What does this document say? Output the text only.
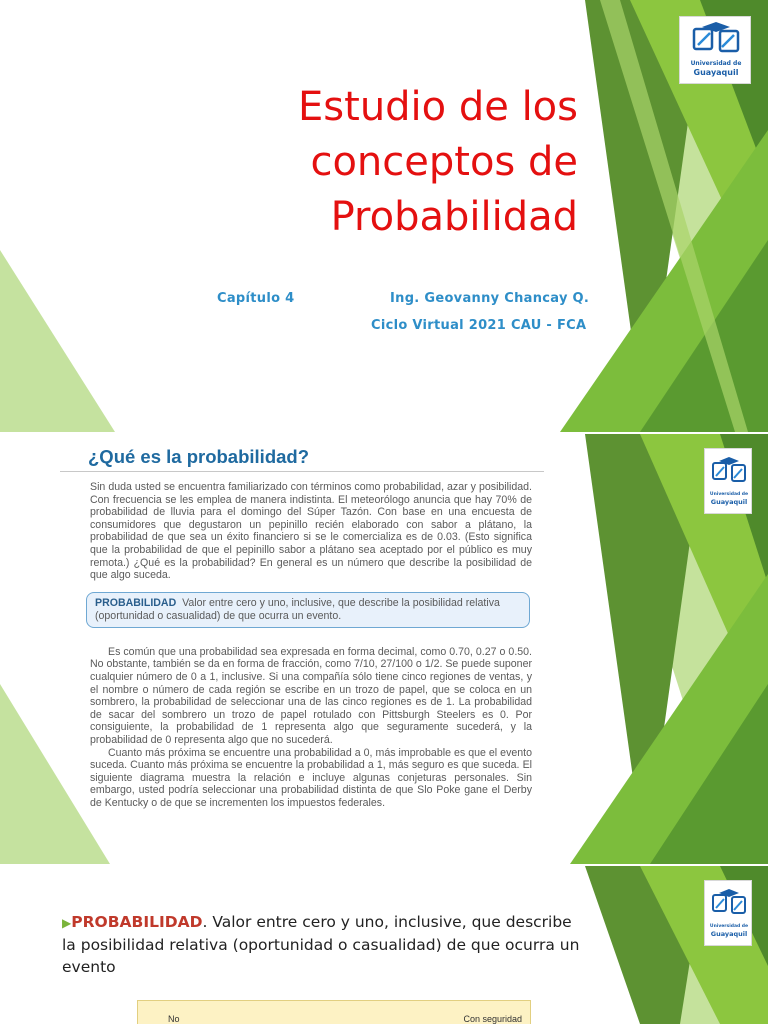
Universidad de
Guayaquil
Estudio de los
conceptos de
Probabilidad
Capítulo 4	Ing. Geovanny Chancay Q.
Ciclo Virtual 2021 CAU - FCA
Universidad de
Guayaquil
¿Qué es la probabilidad?

Sin duda usted se encuentra familiarizado con términos como probabilidad, azar y posibilidad. Con frecuencia se les emplea de manera indistinta. El meteorólogo anuncia que hay 70% de probabilidad de lluvia para el domingo del Súper Tazón. Con base en una encuesta de consumidores que degustaron un pepinillo recién elaborado con sabor a plátano, la probabilidad de que sea un éxito financiero si se le comercializa es de 0.03. (Esto significa que la probabilidad de que el pepinillo sabor a plátano sea aceptado por el público es muy remota.) ¿Qué es la probabilidad? En general es un número que describe la posibilidad de que algo suceda.

PROBABILIDAD Valor entre cero y uno, inclusive, que describe la posibilidad relativa (oportunidad o casualidad) de que ocurra un evento.

Es común que una probabilidad sea expresada en forma decimal, como 0.70, 0.27 o 0.50. No obstante, también se da en forma de fracción, como 7/10, 27/100 o 1/2. Se puede suponer cualquier número de 0 a 1, inclusive. Si una compañía sólo tiene cinco regiones de ventas, y el nombre o número de cada región se escribe en un trozo de papel, que se coloca en un sombrero, la probabilidad de seleccionar una de las cinco regiones es de 1. La probabilidad de sacar del sombrero un trozo de papel rotulado con Pittsburgh Steelers es 0. Por consiguiente, la probabilidad de 1 representa algo que seguramente sucederá, y la probabilidad de 0 representa algo que no sucederá.

Cuanto más próxima se encuentre una probabilidad a 0, más improbable es que el evento suceda. Cuanto más próxima se encuentre la probabilidad a 1, más seguro es que suceda. El siguiente diagrama muestra la relación e incluye algunas conjeturas personales. Sin embargo, usted podría seleccionar una probabilidad distinta de que Slo Poke gane el Derby de Kentucky o de que se incrementen los impuestos federales.

Universidad de
Guayaquil
▶PROBABILIDAD. Valor entre cero y uno, inclusive, que describe la posibilidad relativa (oportunidad o casualidad) de que ocurra un evento
No	Con seguridad
